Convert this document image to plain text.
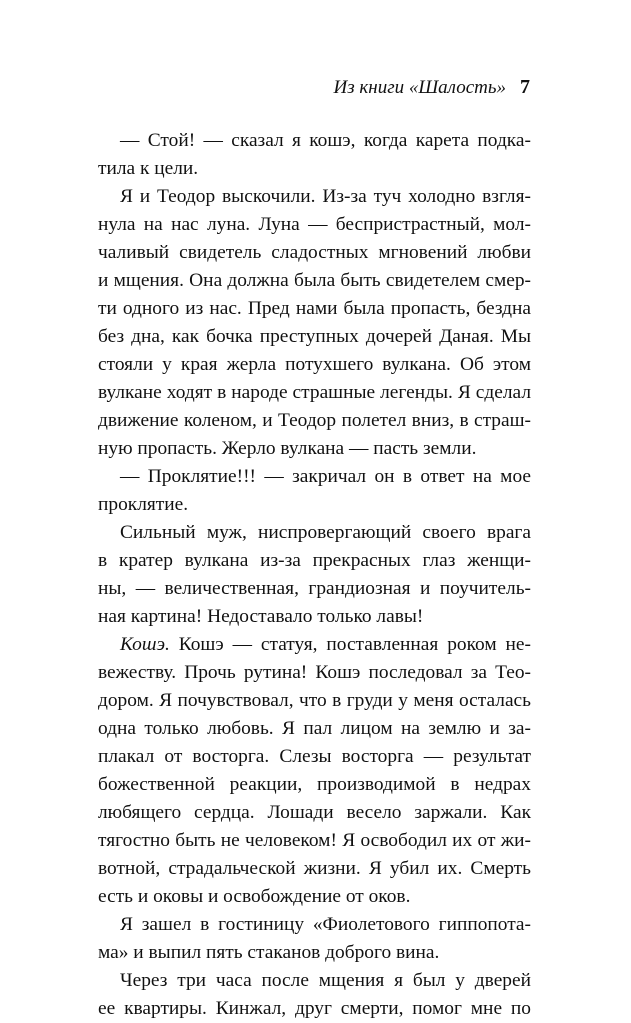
Из книги «Шалость» 7
— Стой! — сказал я кошэ, когда карета подка-
тила к цели.
Я и Теодор выскочили. Из-за туч холодно взгля-
нула на нас луна. Луна — беспристрастный, мол-
чаливый свидетель сладостных мгновений любви
и мщения. Она должна была быть свидетелем смер-
ти одного из нас. Пред нами была пропасть, бездна
без дна, как бочка преступных дочерей Даная. Мы
стояли у края жерла потухшего вулкана. Об этом
вулкане ходят в народе страшные легенды. Я сделал
движение коленом, и Теодор полетел вниз, в страш-
ную пропасть. Жерло вулкана — пасть земли.
— Проклятие!!! — закричал он в ответ на мое
проклятие.
Сильный муж, ниспровергающий своего врага
в кратер вулкана из-за прекрасных глаз женщи-
ны, — величественная, грандиозная и поучитель-
ная картина! Недоставало только лавы!
Кошэ. Кошэ — статуя, поставленная роком не-
вежеству. Прочь рутина! Кошэ последовал за Тео-
дором. Я почувствовал, что в груди у меня осталась
одна только любовь. Я пал лицом на землю и за-
плакал от восторга. Слезы восторга — результат
божественной реакции, производимой в недрах
любящего сердца. Лошади весело заржали. Как
тягостно быть не человеком! Я освободил их от жи-
вотной, страдальческой жизни. Я убил их. Смерть
есть и оковы и освобождение от оков.
Я зашел в гостиницу «Фиолетового гиппопота-
ма» и выпил пять стаканов доброго вина.
Через три часа после мщения я был у дверей
ее квартиры. Кинжал, друг смерти, помог мне по
